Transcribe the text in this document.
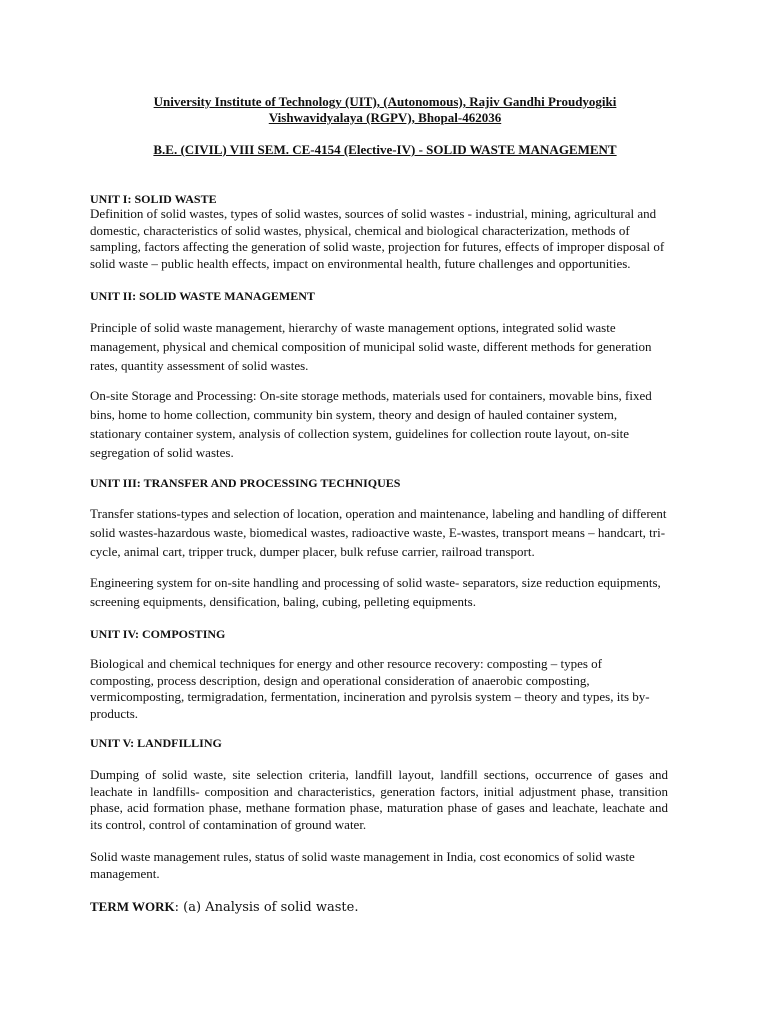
University Institute of Technology (UIT), (Autonomous), Rajiv Gandhi Proudyogiki
Vishwavidyalaya (RGPV), Bhopal-462036
B.E. (CIVIL) VIII SEM. CE-4154 (Elective-IV) - SOLID WASTE MANAGEMENT
UNIT I: SOLID WASTE
Definition of solid wastes, types of solid wastes, sources of solid wastes - industrial, mining, agricultural and domestic, characteristics of solid wastes, physical, chemical and biological characterization, methods of sampling, factors affecting the generation of solid waste, projection for futures, effects of improper disposal of solid waste – public health effects, impact on environmental health, future challenges and opportunities.
UNIT II: SOLID WASTE MANAGEMENT
Principle of solid waste management, hierarchy of waste management options, integrated solid waste management, physical and chemical composition of municipal solid waste, different methods for generation rates, quantity assessment of solid wastes.
On-site Storage and Processing: On-site storage methods, materials used for containers, movable bins, fixed bins, home to home collection, community bin system, theory and design of hauled container system, stationary container system, analysis of collection system, guidelines for collection route layout, on-site segregation of solid wastes.
UNIT III: TRANSFER AND PROCESSING TECHNIQUES
Transfer stations-types and selection of location, operation and maintenance, labeling and handling of different solid wastes-hazardous waste, biomedical wastes, radioactive waste, E-wastes, transport means – handcart, tri-cycle, animal cart, tripper truck, dumper placer, bulk refuse carrier, railroad transport.
Engineering system for on-site handling and processing of solid waste- separators, size reduction equipments, screening equipments, densification, baling, cubing, pelleting equipments.
UNIT IV: COMPOSTING
Biological and chemical techniques for energy and other resource recovery: composting – types of composting, process description, design and operational consideration of anaerobic composting, vermicomposting, termigradation, fermentation, incineration and pyrolsis system – theory and types, its by-products.
UNIT V: LANDFILLING
Dumping of solid waste, site selection criteria, landfill layout, landfill sections, occurrence of gases and leachate in landfills- composition and characteristics, generation factors, initial adjustment phase, transition phase, acid formation phase, methane formation phase, maturation phase of gases and leachate, leachate and its control, control of contamination of ground water.
Solid waste management rules, status of solid waste management in India, cost economics of solid waste management.
TERM WORK: (a) Analysis of solid waste.
